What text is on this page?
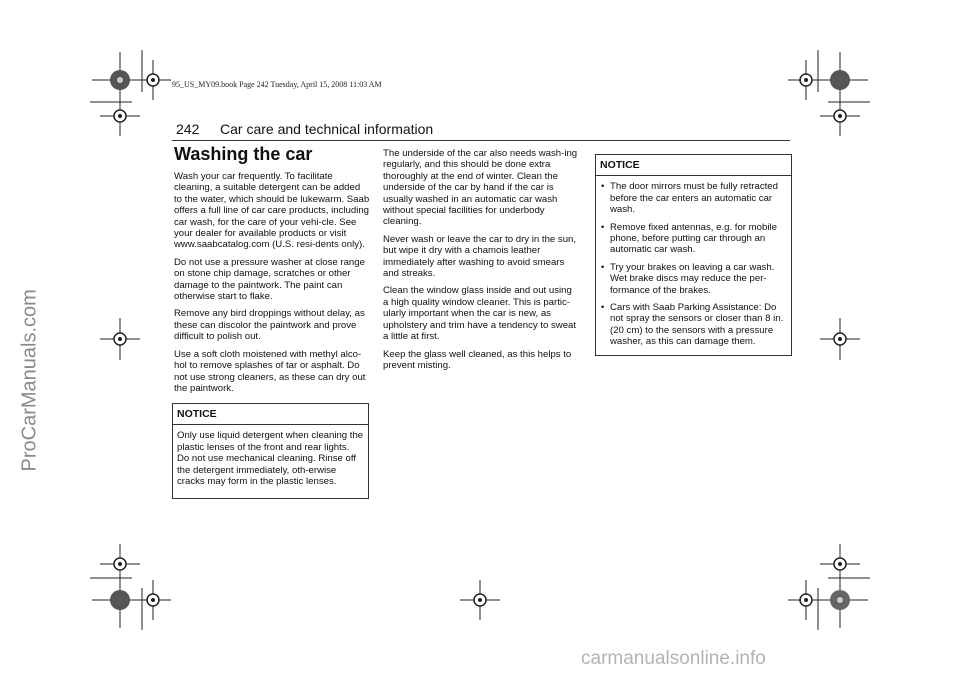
95_US_MY09.book Page 242 Tuesday, April 15, 2008 11:03 AM
ProCarManuals.com
242 Car care and technical information
Washing the car

Wash your car frequently. To facilitate cleaning, a suitable detergent can be added to the water, which should be lukewarm. Saab offers a full line of car care products, including car wash, for the care of your vehi-cle. See your dealer for available products or visit www.saabcatalog.com (U.S. resi-dents only).

Do not use a pressure washer at close range on stone chip damage, scratches or other damage to the paintwork. The paint can otherwise start to flake.

Remove any bird droppings without delay, as these can discolor the paintwork and prove difficult to polish out.

Use a soft cloth moistened with methyl alco-hol to remove splashes of tar or asphalt. Do not use strong cleaners, as these can dry out the paintwork.

NOTICE
Only use liquid detergent when cleaning the plastic lenses of the front and rear lights. Do not use mechanical cleaning. Rinse off the detergent immediately, oth-erwise cracks may form in the plastic lenses.

The underside of the car also needs wash-ing regularly, and this should be done extra thoroughly at the end of winter. Clean the underside of the car by hand if the car is usually washed in an automatic car wash without special facilities for underbody cleaning.

Never wash or leave the car to dry in the sun, but wipe it dry with a chamois leather immediately after washing to avoid smears and streaks.

Clean the window glass inside and out using a high quality window cleaner. This is partic-ularly important when the car is new, as upholstery and trim have a tendency to sweat a little at first.

Keep the glass well cleaned, as this helps to prevent misting.

NOTICE
• The door mirrors must be fully retracted before the car enters an automatic car wash.
• Remove fixed antennas, e.g. for mobile phone, before putting car through an automatic car wash.
• Try your brakes on leaving a car wash. Wet brake discs may reduce the per-formance of the brakes.
• Cars with Saab Parking Assistance: Do not spray the sensors or closer than 8 in. (20 cm) to the sensors with a pressure washer, as this can damage them.
carmanualsonline.info
